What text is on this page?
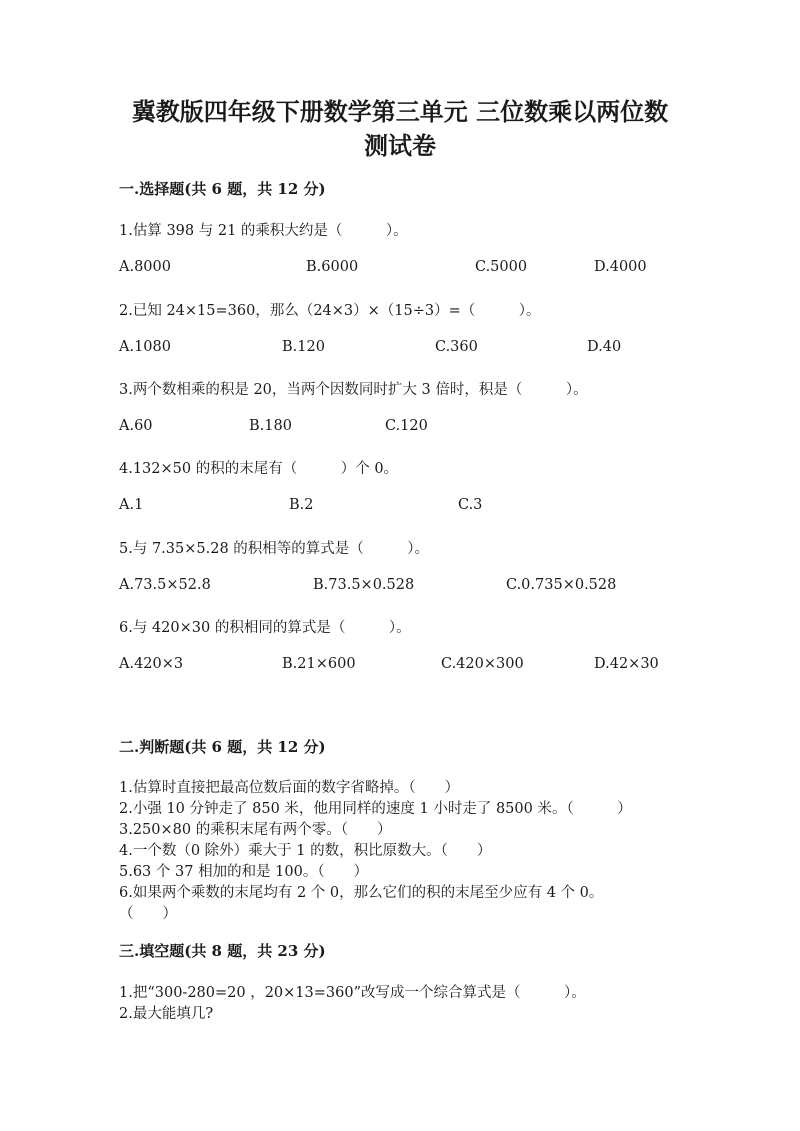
冀教版四年级下册数学第三单元 三位数乘以两位数
测试卷
一.选择题(共 6 题，共 12 分)
1.估算 398 与 21 的乘积大约是（　　　）。
A.8000	B.6000	C.5000	D.4000
2.已知 24×15=360，那么（24×3）×（15÷3）=（　　　）。
A.1080	B.120	C.360	D.40
3.两个数相乘的积是 20，当两个因数同时扩大 3 倍时，积是（　　　）。
A.60	B.180	C.120
4.132×50 的积的末尾有（　　　）个 0。
A.1	B.2	C.3
5.与 7.35×5.28 的积相等的算式是（　　　）。
A.73.5×52.8	B.73.5×0.528	C.0.735×0.528
6.与 420×30 的积相同的算式是（　　　）。
A.420×3	B.21×600	C.420×300	D.42×30
二.判断题(共 6 题，共 12 分)
1.估算时直接把最高位数后面的数字省略掉。（　　）
2.小强 10 分钟走了 850 米，他用同样的速度 1 小时走了 8500 米。（　　　）
3.250×80 的乘积末尾有两个零。（　　）
4.一个数（0 除外）乘大于 1 的数，积比原数大。（　　）
5.63 个 37 相加的和是 100。（　　）
6.如果两个乘数的末尾均有 2 个 0，那么它们的积的末尾至少应有 4 个 0。
（　　）
三.填空题(共 8 题，共 23 分)
1.把“300-280=20 ，20×13=360”改写成一个综合算式是（　　　）。
2.最大能填几?
